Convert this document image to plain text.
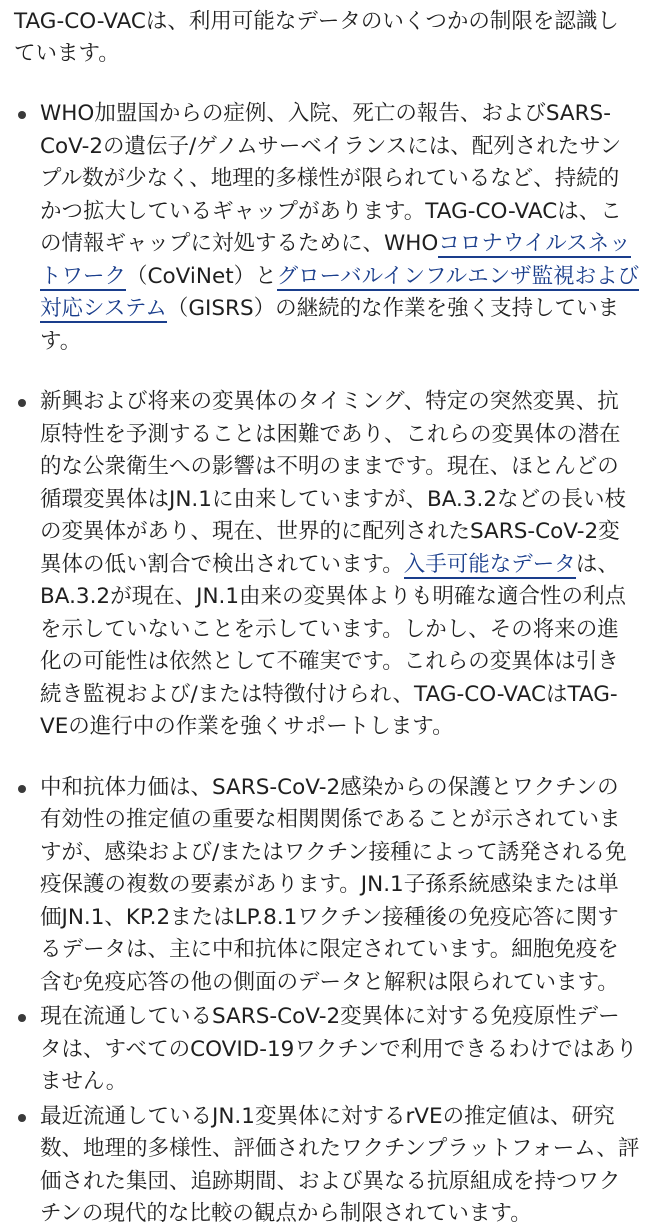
TAG-CO-VACは、利用可能なデータのいくつかの制限を認識しています。

WHO加盟国からの症例、入院、死亡の報告、およびSARS-CoV-2の遺伝子/ゲノムサーベイランスには、配列されたサンプル数が少なく、地理的多様性が限られているなど、持続的かつ拡大しているギャップがあります。TAG-CO-VACは、この情報ギャップに対処するために、WHOコロナウイルスネットワーク（CoViNet）とグローバルインフルエンザ監視および対応システム（GISRS）の継続的な作業を強く支持しています。
新興および将来の変異体のタイミング、特定の突然変異、抗原特性を予測することは困難であり、これらの変異体の潜在的な公衆衛生への影響は不明のままです。現在、ほとんどの循環変異体はJN.1に由来していますが、BA.3.2などの長い枝の変異体があり、現在、世界的に配列されたSARS-CoV-2変異体の低い割合で検出されています。入手可能なデータは、BA.3.2が現在、JN.1由来の変異体よりも明確な適合性の利点を示していないことを示しています。しかし、その将来の進化の可能性は依然として不確実です。これらの変異体は引き続き監視および/または特徴付けられ、TAG-CO-VACはTAG-VEの進行中の作業を強くサポートします。
中和抗体力価は、SARS-CoV-2感染からの保護とワクチンの有効性の推定値の重要な相関関係であることが示されていますが、感染および/またはワクチン接種によって誘発される免疫保護の複数の要素があります。JN.1子孫系統感染または単価JN.1、KP.2またはLP.8.1ワクチン接種後の免疫応答に関するデータは、主に中和抗体に限定されています。細胞免疫を含む免疫応答の他の側面のデータと解釈は限られています。
現在流通しているSARS-CoV-2変異体に対する免疫原性データは、すべてのCOVID-19ワクチンで利用できるわけではありません。
最近流通しているJN.1変異体に対するrVEの推定値は、研究数、地理的多様性、評価されたワクチンプラットフォーム、評価された集団、追跡期間、および異なる抗原組成を持つワクチンの現代的な比較の観点から制限されています。
